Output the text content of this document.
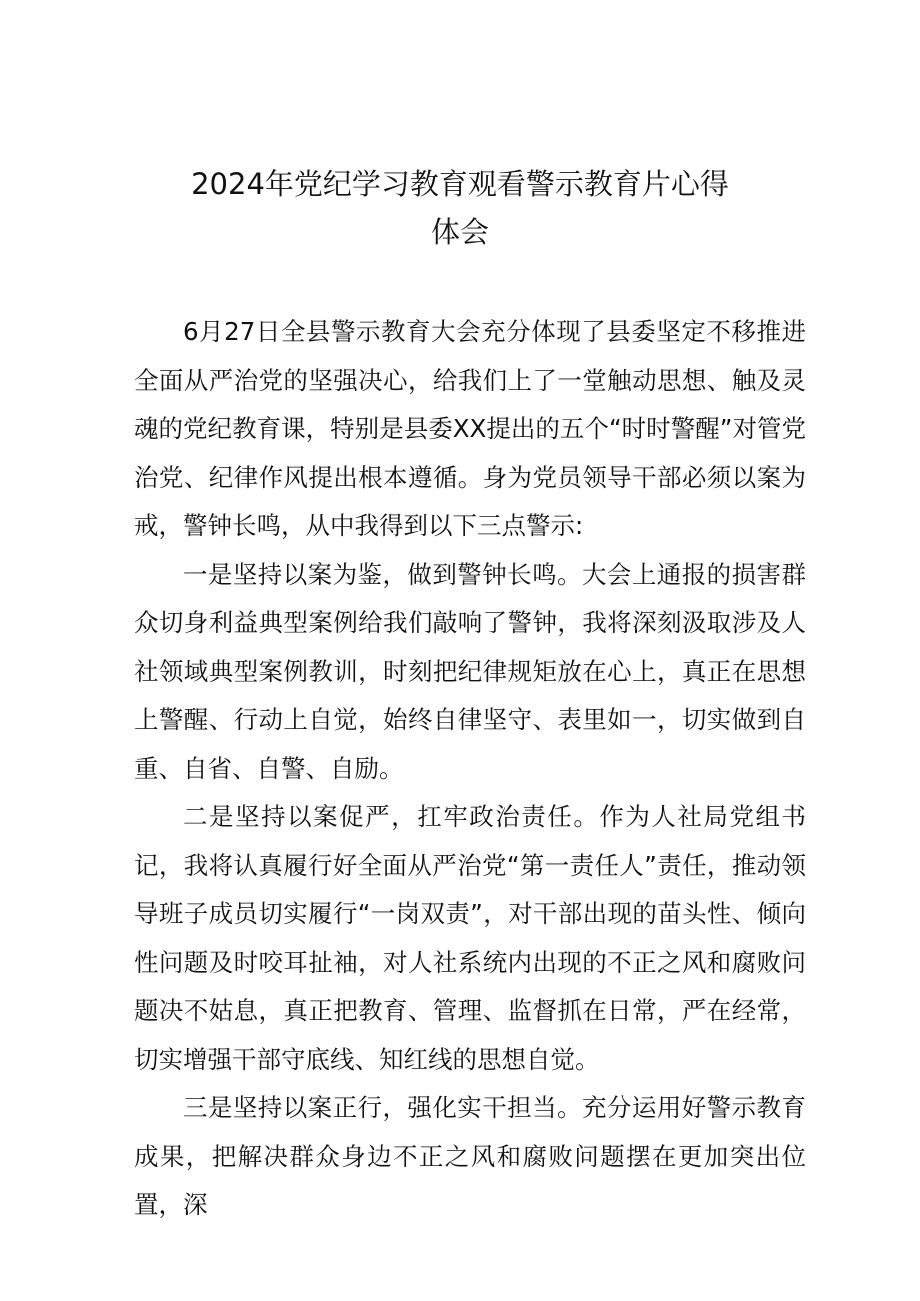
2024年党纪学习教育观看警示教育片心得
体会

6月27日全县警示教育大会充分体现了县委坚定不移推进全面从严治党的坚强决心，给我们上了一堂触动思想、触及灵魂的党纪教育课，特别是县委XX提出的五个“时时警醒”对管党治党、纪律作风提出根本遵循。身为党员领导干部必须以案为戒，警钟长鸣，从中我得到以下三点警示:

一是坚持以案为鉴，做到警钟长鸣。大会上通报的损害群众切身利益典型案例给我们敲响了警钟，我将深刻汲取涉及人社领域典型案例教训，时刻把纪律规矩放在心上，真正在思想上警醒、行动上自觉，始终自律坚守、表里如一，切实做到自重、自省、自警、自励。

二是坚持以案促严，扛牢政治责任。作为人社局党组书记，我将认真履行好全面从严治党“第一责任人”责任，推动领导班子成员切实履行“一岗双责”，对干部出现的苗头性、倾向性问题及时咬耳扯袖，对人社系统内出现的不正之风和腐败问题决不姑息，真正把教育、管理、监督抓在日常，严在经常，切实增强干部守底线、知红线的思想自觉。

三是坚持以案正行，强化实干担当。充分运用好警示教育成果，把解决群众身边不正之风和腐败问题摆在更加突出位置，深
